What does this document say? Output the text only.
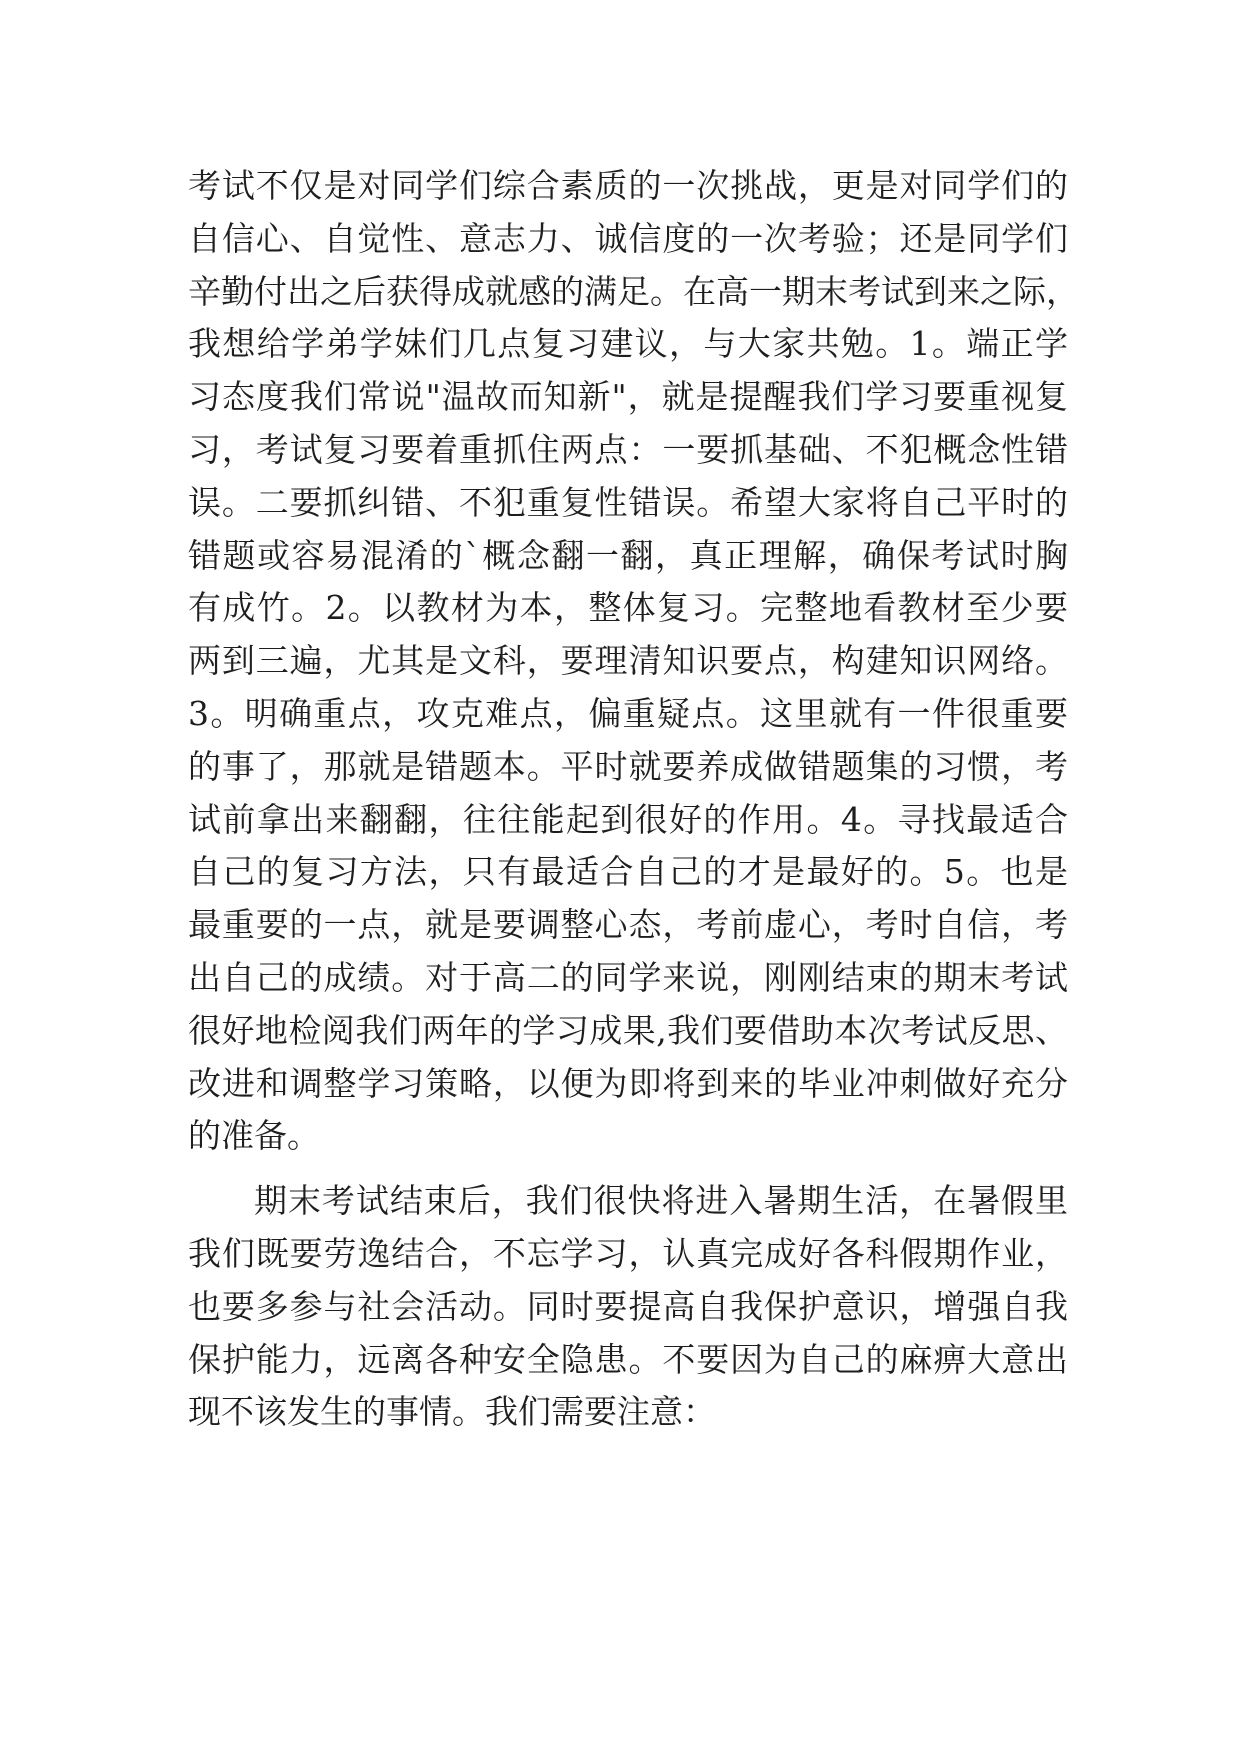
考试不仅是对同学们综合素质的一次挑战，更是对同学们的
自信心、自觉性、意志力、诚信度的一次考验；还是同学们
辛勤付出之后获得成就感的满足。在高一期末考试到来之际，
我想给学弟学妹们几点复习建议，与大家共勉。1。端正学
习态度我们常说"温故而知新"，就是提醒我们学习要重视复
习，考试复习要着重抓住两点：一要抓基础、不犯概念性错
误。二要抓纠错、不犯重复性错误。希望大家将自己平时的
错题或容易混淆的`概念翻一翻，真正理解，确保考试时胸
有成竹。2。以教材为本，整体复习。完整地看教材至少要
两到三遍，尤其是文科，要理清知识要点，构建知识网络。
3。明确重点，攻克难点，偏重疑点。这里就有一件很重要
的事了，那就是错题本。平时就要养成做错题集的习惯，考
试前拿出来翻翻，往往能起到很好的作用。4。寻找最适合
自己的复习方法，只有最适合自己的才是最好的。5。也是
最重要的一点，就是要调整心态，考前虚心，考时自信，考
出自己的成绩。对于高二的同学来说，刚刚结束的期末考试
很好地检阅我们两年的学习成果,我们要借助本次考试反思、
改进和调整学习策略，以便为即将到来的毕业冲刺做好充分
的准备。
期末考试结束后，我们很快将进入暑期生活，在暑假里
我们既要劳逸结合，不忘学习，认真完成好各科假期作业，
也要多参与社会活动。同时要提高自我保护意识，增强自我
保护能力，远离各种安全隐患。不要因为自己的麻痹大意出
现不该发生的事情。我们需要注意：
